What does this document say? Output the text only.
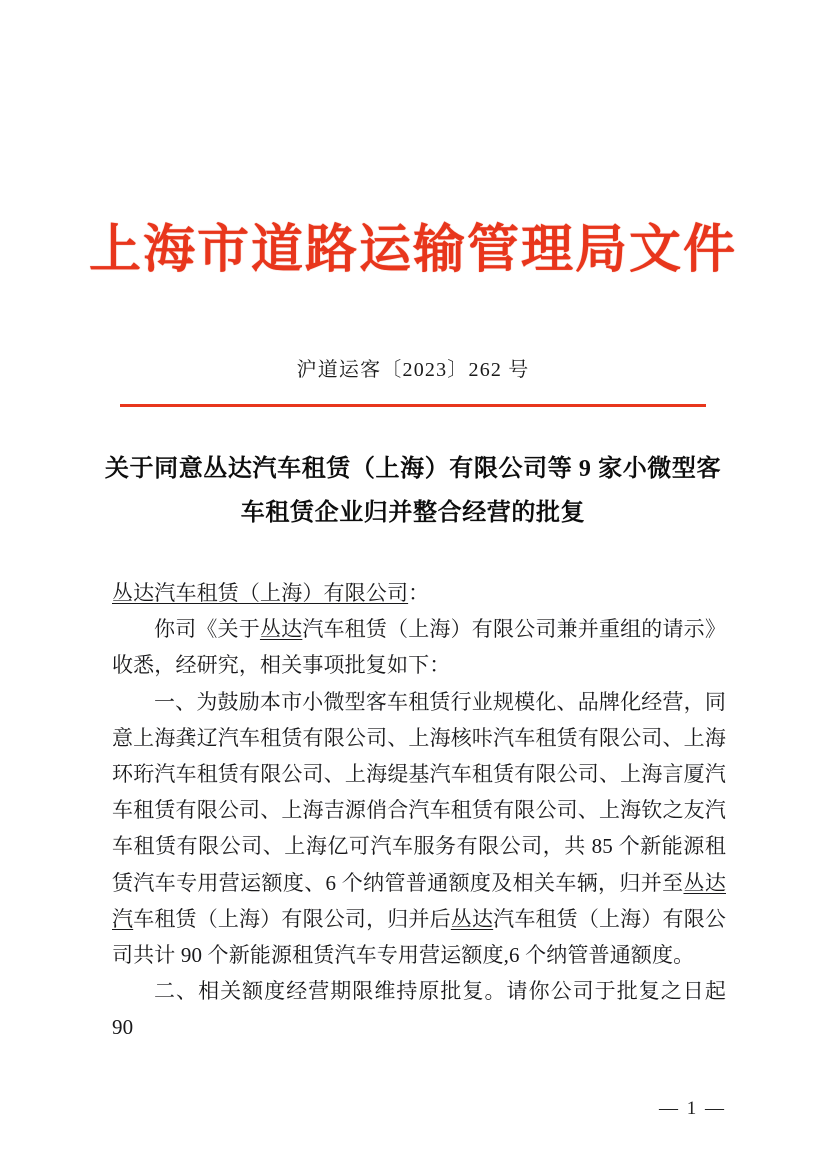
上海市道路运输管理局文件
沪道运客〔2023〕262 号
关于同意丛达汽车租赁（上海）有限公司等 9 家小微型客
车租赁企业归并整合经营的批复

丛达汽车租赁（上海）有限公司：

你司《关于丛达汽车租赁（上海）有限公司兼并重组的请示》收悉，经研究，相关事项批复如下：

一、为鼓励本市小微型客车租赁行业规模化、品牌化经营，同意上海龚辽汽车租赁有限公司、上海核咔汽车租赁有限公司、上海环珩汽车租赁有限公司、上海缇基汽车租赁有限公司、上海言厦汽车租赁有限公司、上海吉源俏合汽车租赁有限公司、上海钦之友汽车租赁有限公司、上海亿可汽车服务有限公司，共 85 个新能源租赁汽车专用营运额度、6 个纳管普通额度及相关车辆，归并至丛达汽车租赁（上海）有限公司，归并后丛达汽车租赁（上海）有限公司共计 90 个新能源租赁汽车专用营运额度,6 个纳管普通额度。

二、相关额度经营期限维持原批复。请你公司于批复之日起 90

— 1 —
